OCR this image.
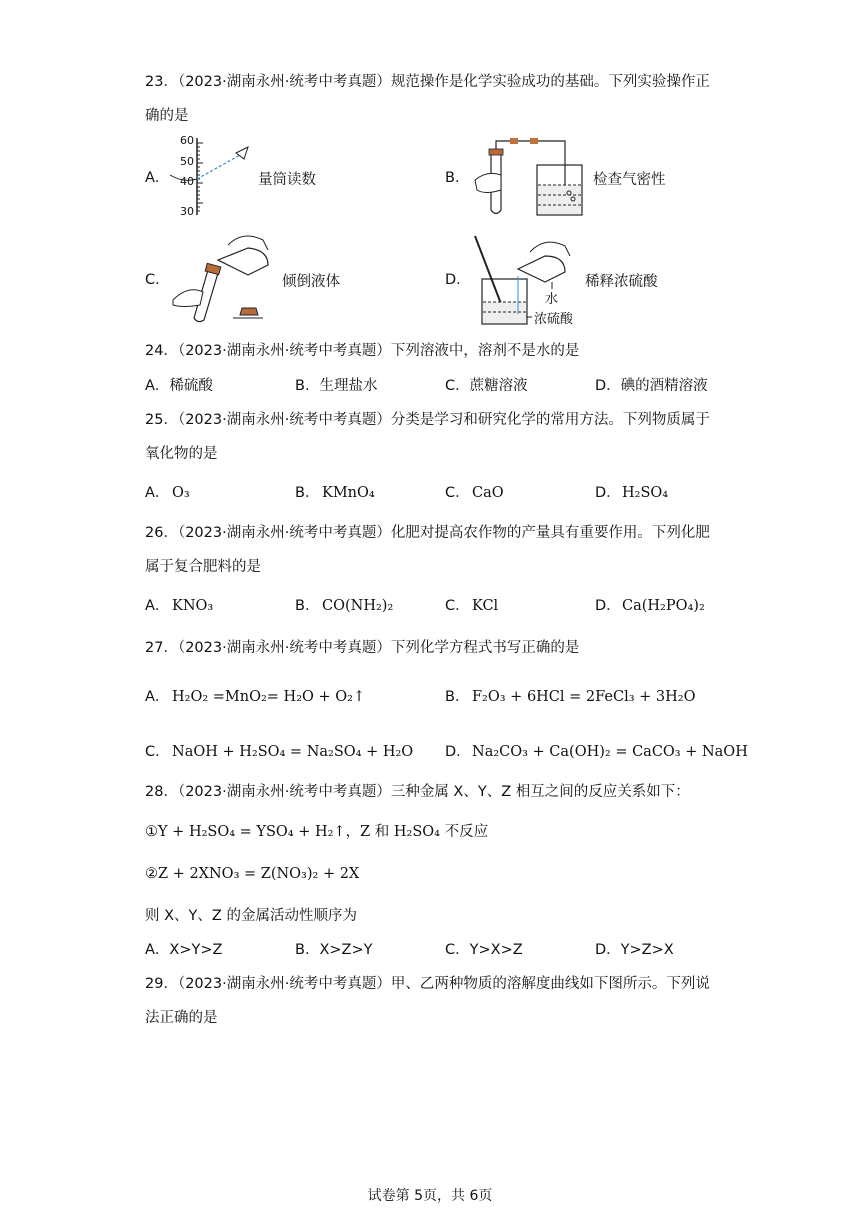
23．（2023·湖南永州·统考中考真题）规范操作是化学实验成功的基础。下列实验操作正
确的是
A．
60
50
40
30
量筒读数	B．	检查气密性
C．	倾倒液体	D．
水
浓硫酸
稀释浓硫酸
24．（2023·湖南永州·统考中考真题）下列溶液中，溶剂不是水的是
A．稀硫酸	B．生理盐水	C．蔗糖溶液	D．碘的酒精溶液
25．（2023·湖南永州·统考中考真题）分类是学习和研究化学的常用方法。下列物质属于
氧化物的是
A． O₃	B． KMnO₄	C． CaO	D． H₂SO₄
26．（2023·湖南永州·统考中考真题）化肥对提高农作物的产量具有重要作用。下列化肥
属于复合肥料的是
A． KNO₃	B． CO(NH₂)₂	C． KCl	D． Ca(H₂PO₄)₂
27．（2023·湖南永州·统考中考真题）下列化学方程式书写正确的是
A． H₂O₂ =MnO₂= H₂O + O₂↑	B． F₂O₃ + 6HCl = 2FeCl₃ + 3H₂O
C． NaOH + H₂SO₄ = Na₂SO₄ + H₂O D． Na₂CO₃ + Ca(OH)₂ = CaCO₃ + NaOH
28．（2023·湖南永州·统考中考真题）三种金属 X、Y、Z 相互之间的反应关系如下：
①Y + H₂SO₄ = YSO₄ + H₂↑，Z 和 H₂SO₄ 不反应
②Z + 2XNO₃ = Z(NO₃)₂ + 2X
则 X、Y、Z 的金属活动性顺序为
A．X>Y>Z	B．X>Z>Y	C．Y>X>Z	D．Y>Z>X
29．（2023·湖南永州·统考中考真题）甲、乙两种物质的溶解度曲线如下图所示。下列说
法正确的是
试卷第 5页，共 6页
